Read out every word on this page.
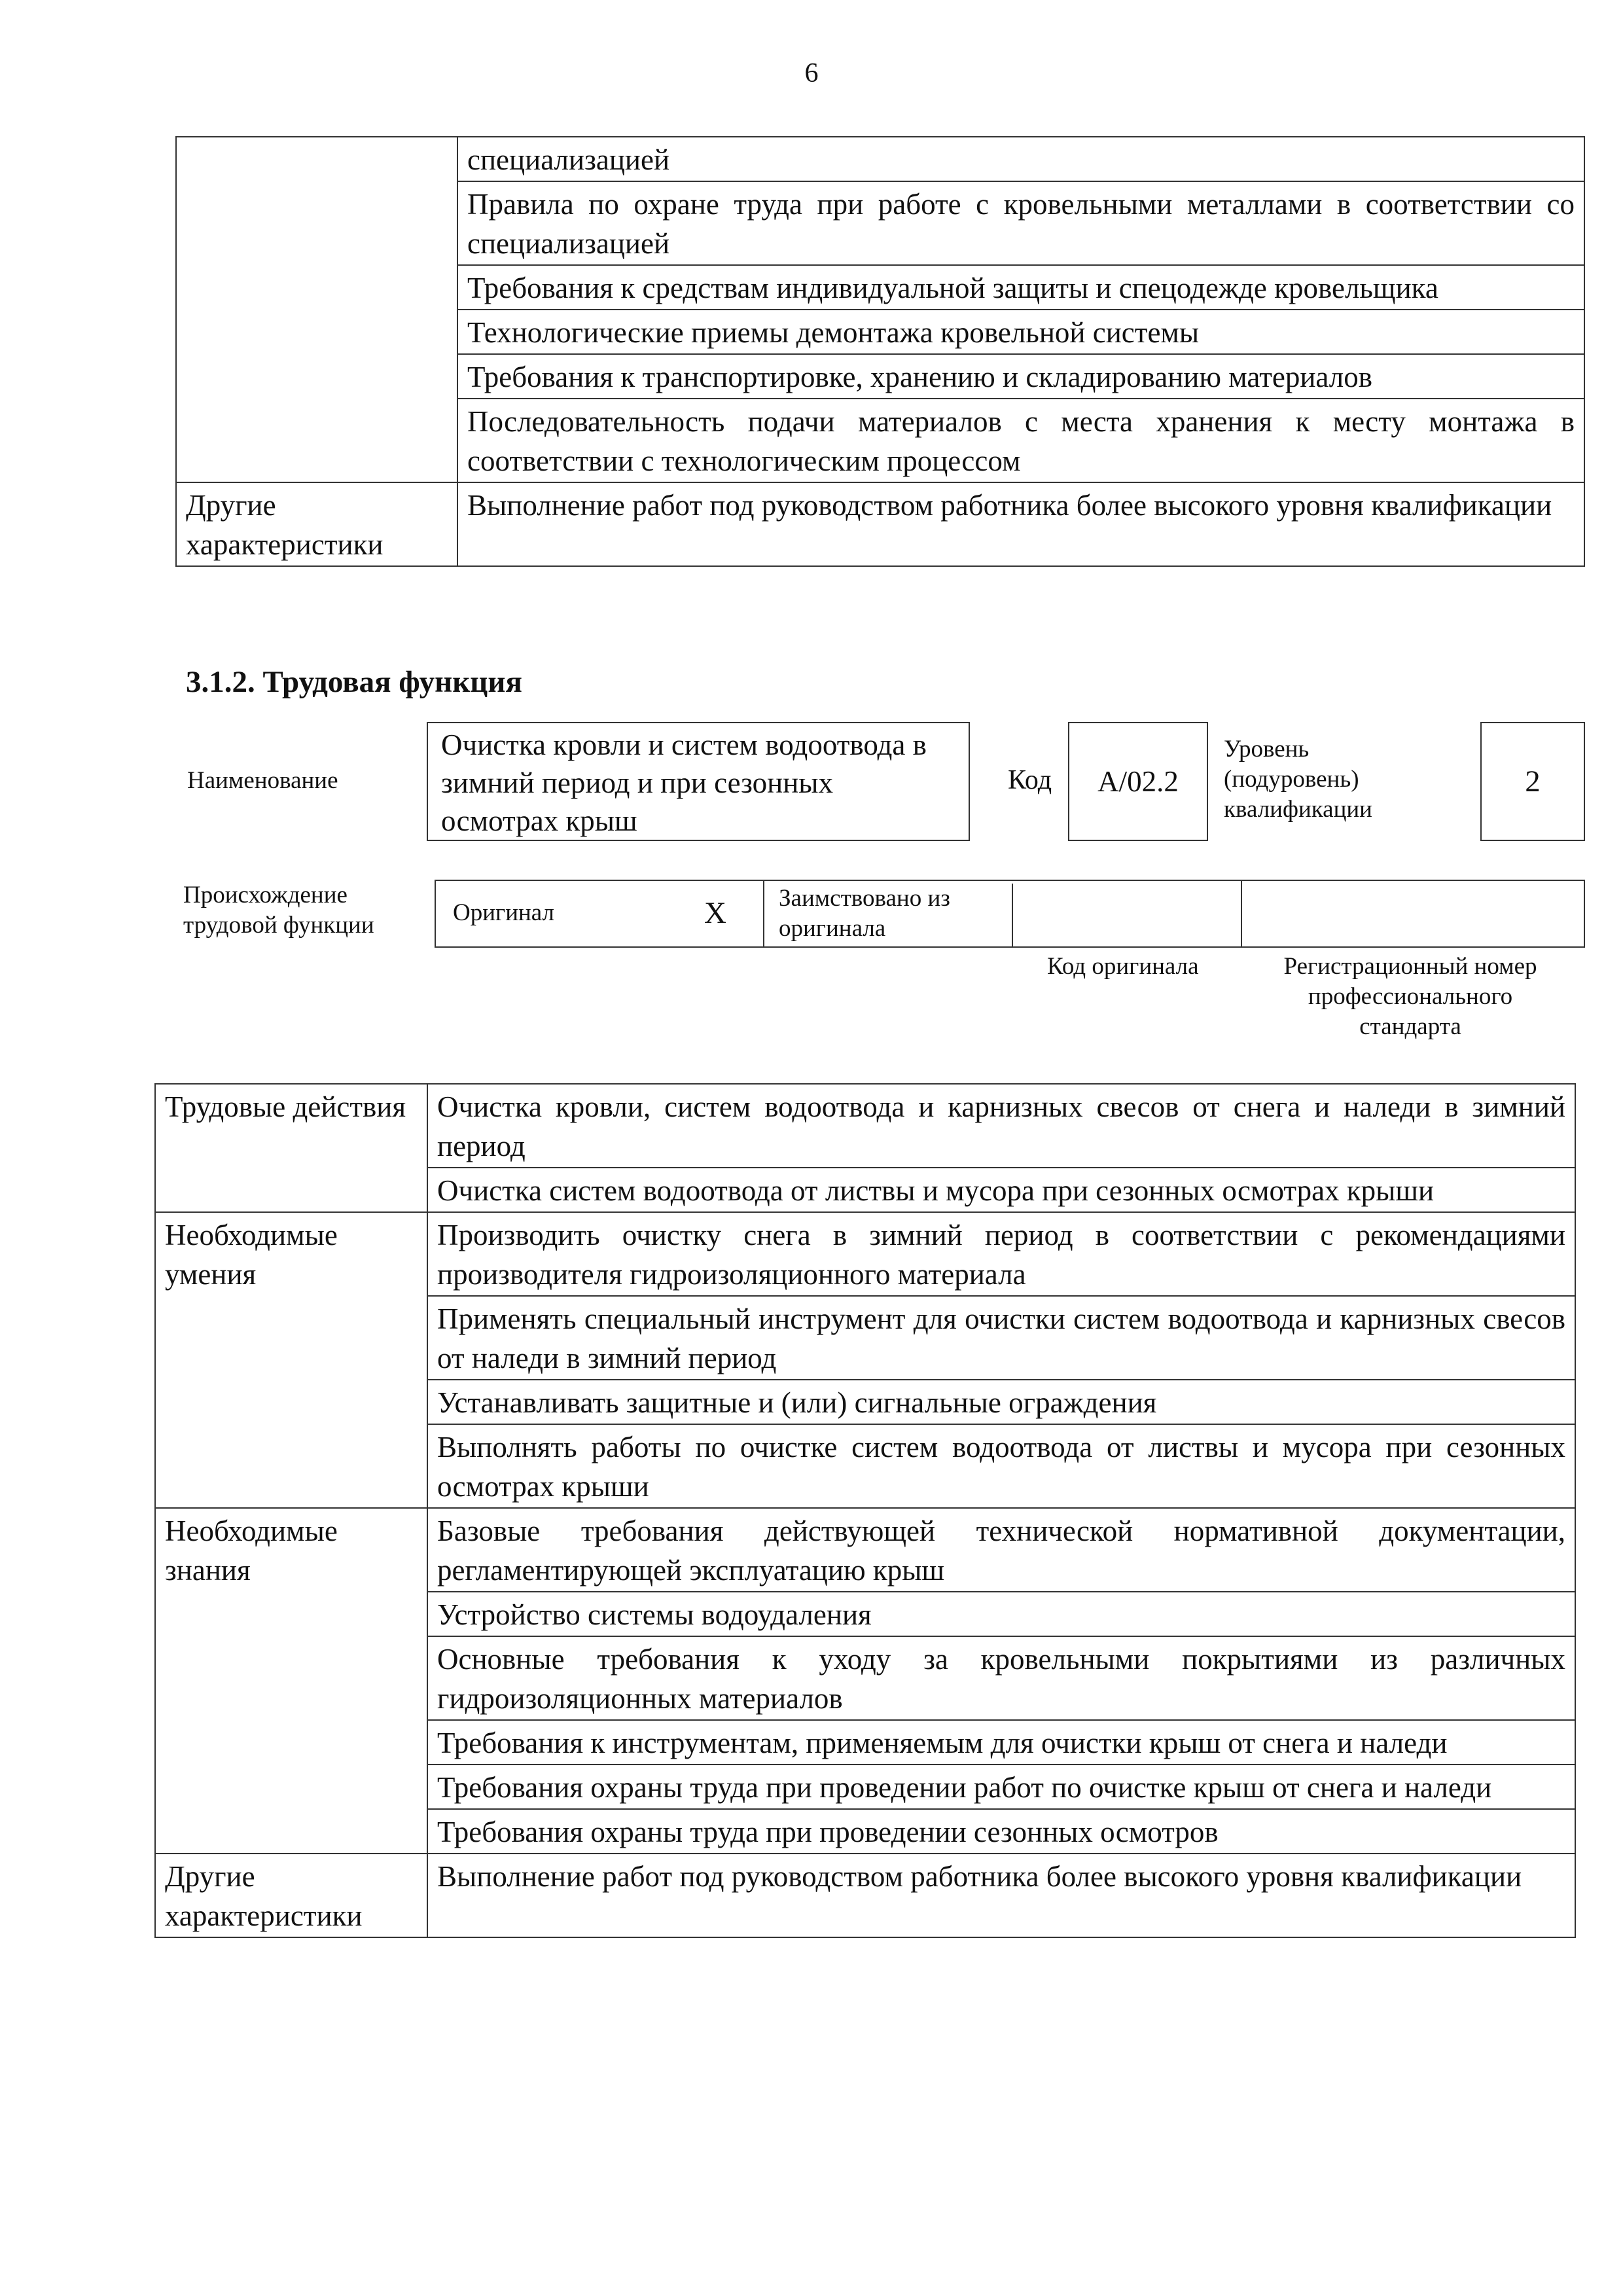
6
	специализацией
	Правила по охране труда при работе с кровельными металлами в соответствии со специализацией
	Требования к средствам индивидуальной защиты и спецодежде кровельщика
	Технологические приемы демонтажа кровельной системы
	Требования к транспортировке, хранению и складированию материалов
	Последовательность подачи материалов с места хранения к месту монтажа в соответствии с технологическим процессом
Другие характеристики	Выполнение работ под руководством работника более высокого уровня квалификации
3.1.2. Трудовая функция
Наименование
Очистка кровли и систем водоотвода в зимний период и при сезонных осмотрах крыш
Код А/02.2
Уровень (подуровень) квалификации
2
Происхождение трудовой функции	Оригинал	X	Заимствовано из оригинала
Код оригинала	Регистрационный номер профессионального стандарта
Трудовые действия	Очистка кровли, систем водоотвода и карнизных свесов от снега и наледи в зимний период
	Очистка систем водоотвода от листвы и мусора при сезонных осмотрах крыши
Необходимые умения	Производить очистку снега в зимний период в соответствии с рекомендациями производителя гидроизоляционного материала
	Применять специальный инструмент для очистки систем водоотвода и карнизных свесов от наледи в зимний период
	Устанавливать защитные и (или) сигнальные ограждения
	Выполнять работы по очистке систем водоотвода от листвы и мусора при сезонных осмотрах крыши
Необходимые знания	Базовые требования действующей технической нормативной документации, регламентирующей эксплуатацию крыш
	Устройство системы водоудаления
	Основные требования к уходу за кровельными покрытиями из различных гидроизоляционных материалов
	Требования к инструментам, применяемым для очистки крыш от снега и наледи
	Требования охраны труда при проведении работ по очистке крыш от снега и наледи
	Требования охраны труда при проведении сезонных осмотров
Другие характеристики	Выполнение работ под руководством работника более высокого уровня квалификации
